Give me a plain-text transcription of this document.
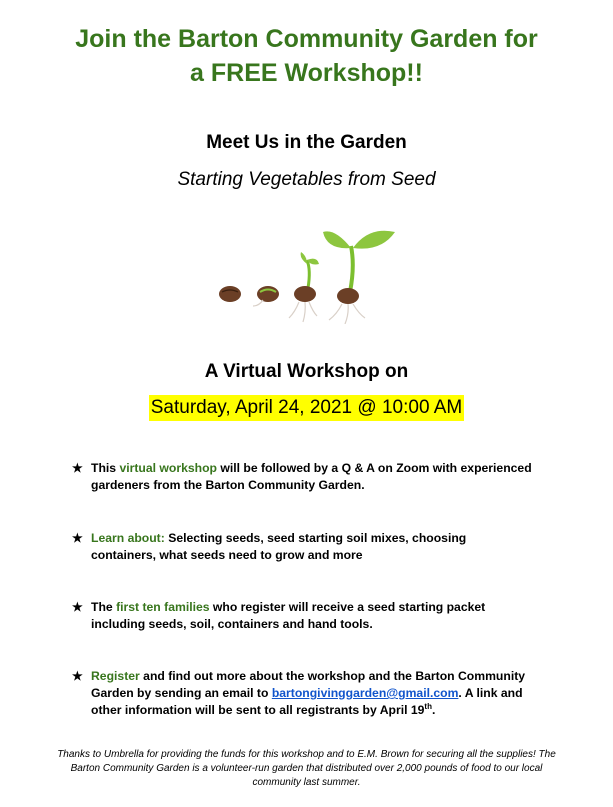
Join the Barton Community Garden for
a FREE Workshop!!
Meet Us in the Garden
Starting Vegetables from Seed
A Virtual Workshop on
Saturday, April 24, 2021 @ 10:00 AM
★ This virtual workshop will be followed by a Q & A on Zoom with experienced gardeners from the Barton Community Garden.
★ Learn about: Selecting seeds, seed starting soil mixes, choosing containers, what seeds need to grow and more
★ The first ten families who register will receive a seed starting packet including seeds, soil, containers and hand tools.
★ Register and find out more about the workshop and the Barton Community Garden by sending an email to bartongivinggarden@gmail.com. A link and other information will be sent to all registrants by April 19th.
Thanks to Umbrella for providing the funds for this workshop and to E.M. Brown for securing all the supplies! The Barton Community Garden is a volunteer-run garden that distributed over 2,000 pounds of food to our local community last summer.
